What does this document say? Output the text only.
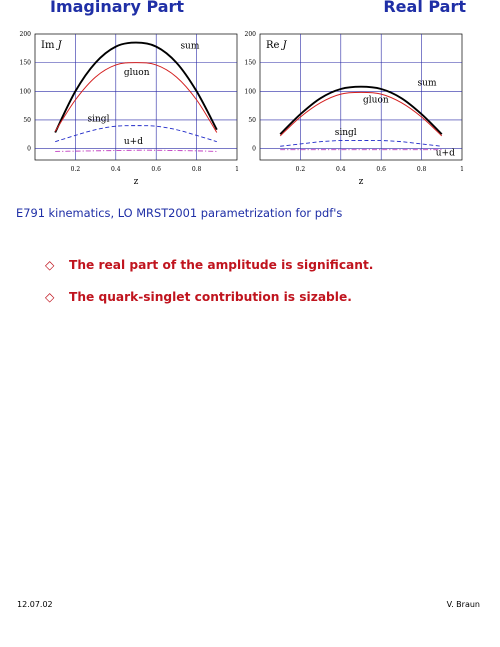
Imaginary Part	Real Part
0.2	0.4	0.6	0.8	1
0
50
100
150
200
z
Im J	sum
gluon
singl
u+d
0.2	0.4	0.6	0.8	1
0
50
100
150
200
z
Re J
sum
gluon
singl
u+d
E791 kinematics, LO MRST2001 parametrization for pdf's
◇ The real part of the amplitude is significant.
◇ The quark-singlet contribution is sizable.
12.07.02	V. Braun
